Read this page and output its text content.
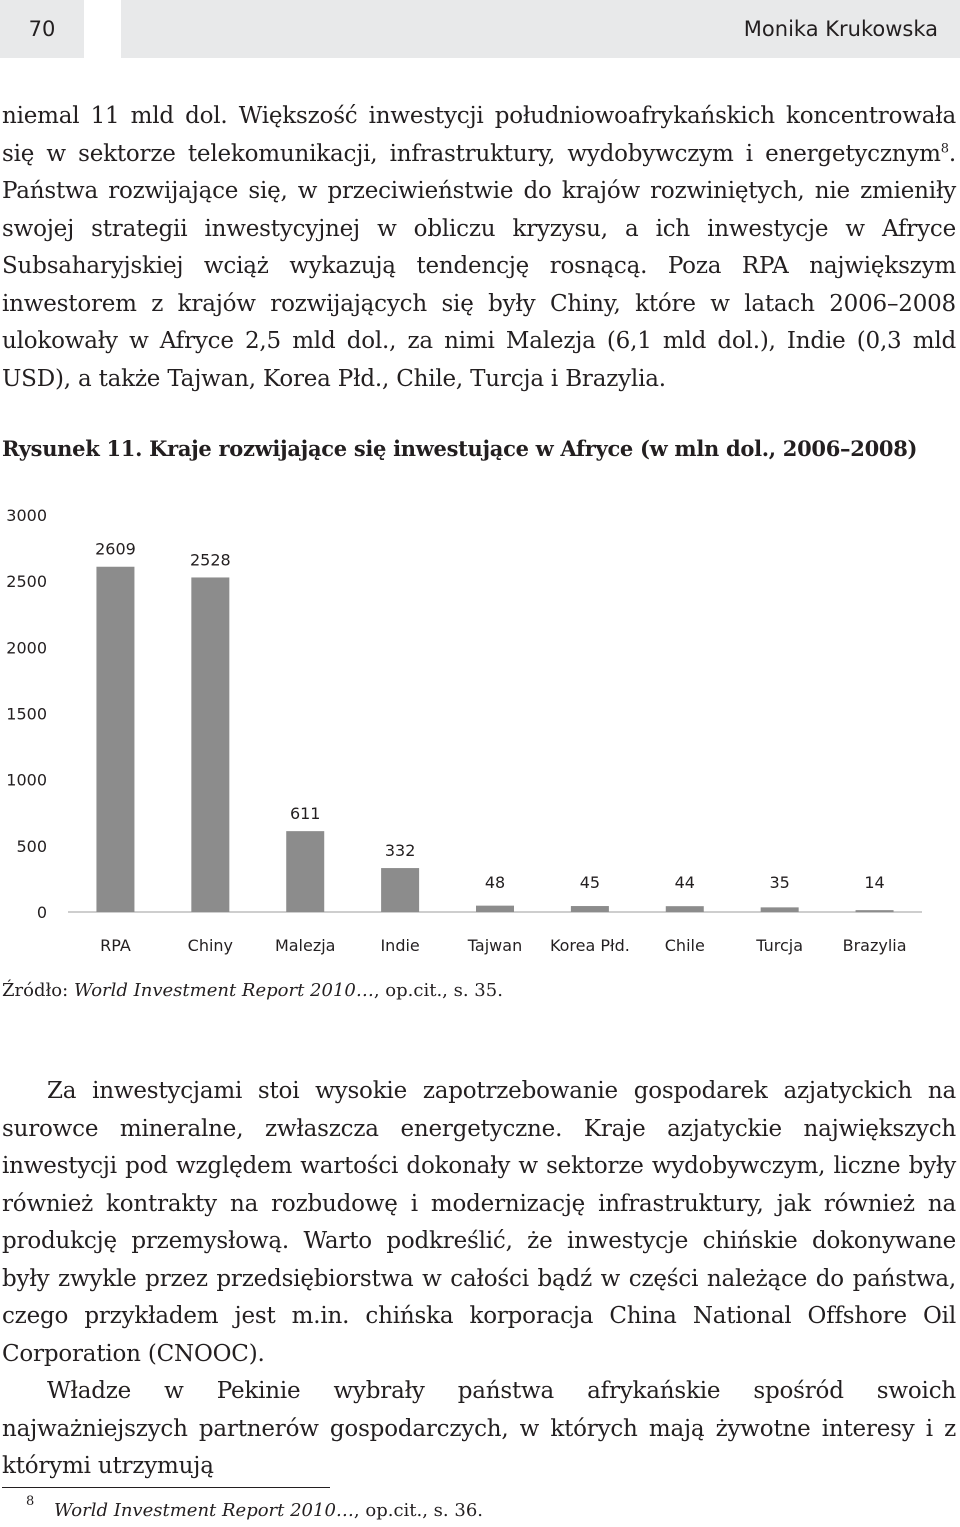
70	Monika Krukowska

niemal 11 mld dol. Większość inwestycji południowoafrykańskich koncentrowała się w sektorze telekomunikacji, infrastruktury, wydobywczym i energetycznym$^8$. Państwa rozwijające się, w przeciwieństwie do krajów rozwiniętych, nie zmieniły swojej strategii inwestycyjnej w obliczu kryzysu, a ich inwestycje w Afryce Subsaharyjskiej wciąż wykazują tendencję rosnącą. Poza RPA największym inwestorem z krajów rozwijających się były Chiny, które w latach 2006–2008 ulokowały w Afryce 2,5 mld dol., za nimi Malezja (6,1 mld dol.), Indie (0,3 mld USD), a także Tajwan, Korea Płd., Chile, Turcja i Brazylia.

Rysunek 11. Kraje rozwijające się inwestujące w Afryce (w mln dol., 2006–2008)

0
500
1000
1500
2000
2500
3000
2609
2528
611
332
48	45	44	35	14
RPA	Chiny	Malezja	Indie	Tajwan Korea Płd. Chile	Turcja Brazylia

Źródło: World Investment Report 2010…, op.cit., s. 35.

Za inwestycjami stoi wysokie zapotrzebowanie gospodarek azjatyckich na surowce mineralne, zwłaszcza energetyczne. Kraje azjatyckie największych inwestycji pod względem wartości dokonały w sektorze wydobywczym, liczne były również kontrakty na rozbudowę i modernizację infrastruktury, jak również na produkcję przemysłową. Warto podkreślić, że inwestycje chińskie dokonywane były zwykle przez przedsiębiorstwa w całości bądź w części należące do państwa, czego przykładem jest m.in. chińska korporacja China National Offshore Oil Corporation (CNOOC).

Władze w Pekinie wybrały państwa afrykańskie spośród swoich najważniejszych partnerów gospodarczych, w których mają żywotne interesy i z którymi utrzymują

8 World Investment Report 2010…, op.cit., s. 36.
